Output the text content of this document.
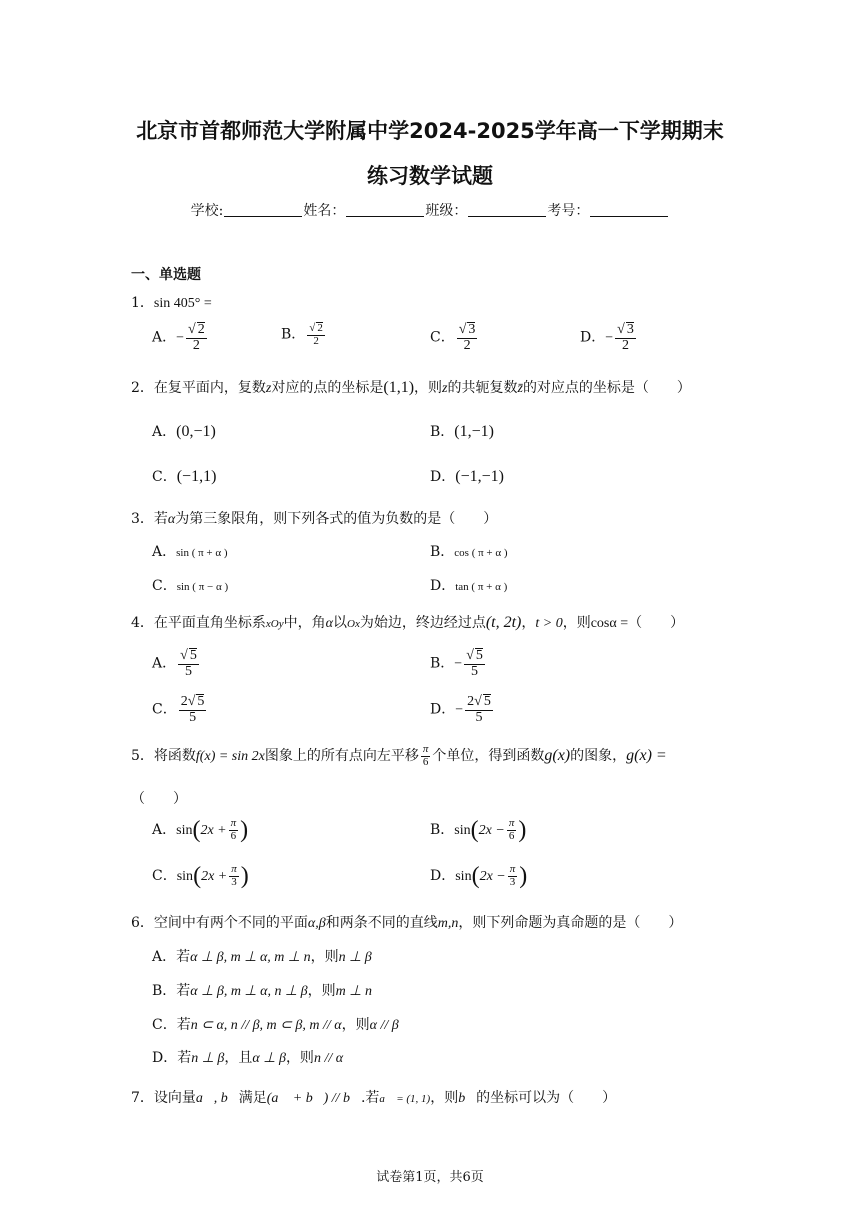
北京市首都师范大学附属中学2024-2025学年高一下学期期末
练习数学试题
学校:	姓名：	班级：	考号：
一、单选题
1．sin 405° =
A．− $\frac{√ 2}{2}$	B． $\frac{√ 2}{2}$	C． $\frac{√ 3}{2}$	D．− $\frac{√ 3}{2}$
2．在复平面内，复数z对应的点的坐标是(1,1)，则z的共轭复数z̄的对应点的坐标是（　　）
A．(0,−1)	B．(1,−1)
C．(−1,1)	D．(−1,−1)
3．若α为第三象限角，则下列各式的值为负数的是（　　）
A．sin ( π + α )	B．cos ( π + α )
C．sin ( π − α )	D．tan ( π + α )
4．在平面直角坐标系xOy中，角α以Ox为始边，终边经过点(t, 2t)，t > 0，则cosα =（　　）
A． $\frac{√ 5}{5}$	B．− $\frac{√ 5}{5}$
C． $\frac{2√ 5}{5}$	D．− $\frac{2√ 5}{5}$
5．将函数f(x) = sin 2x图象上的所有点向左平移 $\frac{\pi}{6}$ 个单位，得到函数g(x)的图象，g(x) =
（　　）
A．$\sin(2x + \frac{\pi}{6}$ )	B．$\sin(2x - \frac{\pi}{6}$ )
C．$\sin(2x + \frac{\pi}{3}$ )	D．$\sin(2x - \frac{\pi}{3}$ )
6．空间中有两个不同的平面α,β和两条不同的直线m,n，则下列命题为真命题的是（　　）
A．若α ⊥ β, m ⊥ α, m ⊥ n，则n ⊥ β
B．若α ⊥ β, m ⊥ α, n ⊥ β，则m ⊥ n
C．若n ⊂ α, n // β, m ⊂ β, m // α，则α // β
D．若n ⊥ β，且α ⊥ β，则n // α
7．设向量a⃗, b⃗满足(a⃗ + b⃗) // b⃗.若a⃗ = (1, 1)，则b⃗的坐标可以为（　　）
试卷第1页，共6页
